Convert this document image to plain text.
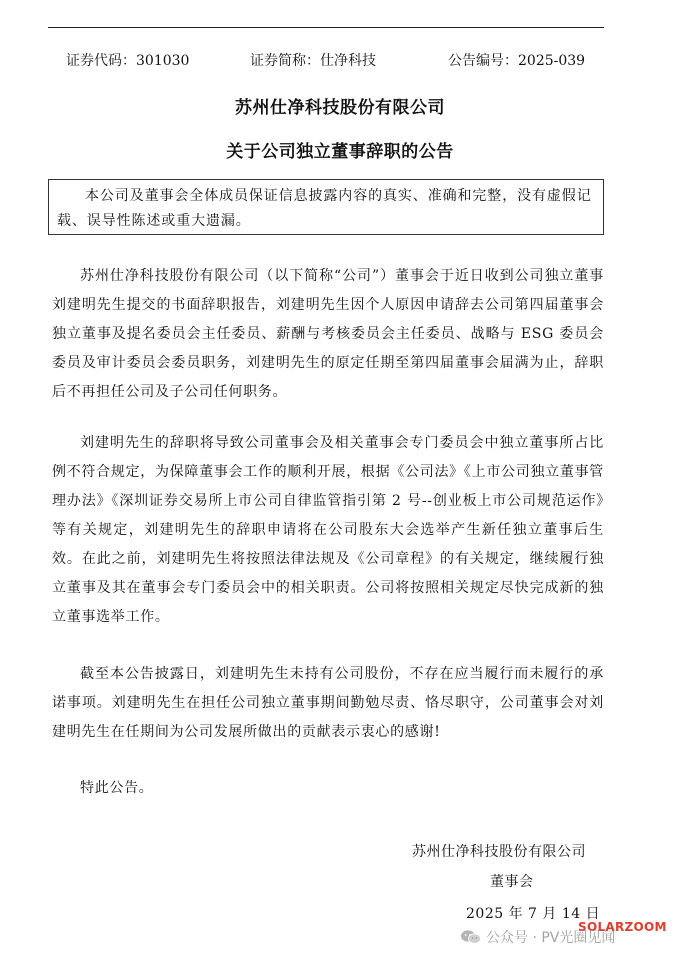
证券代码：301030	证券简称：仕净科技	公告编号：2025-039
苏州仕净科技股份有限公司
关于公司独立董事辞职的公告
本公司及董事会全体成员保证信息披露内容的真实、准确和完整，没有虚假记载、误导性陈述或重大遗漏。

苏州仕净科技股份有限公司（以下简称“公司”）董事会于近日收到公司独立董事刘建明先生提交的书面辞职报告，刘建明先生因个人原因申请辞去公司第四届董事会独立董事及提名委员会主任委员、薪酬与考核委员会主任委员、战略与 ESG 委员会委员及审计委员会委员职务，刘建明先生的原定任期至第四届董事会届满为止，辞职后不再担任公司及子公司任何职务。

刘建明先生的辞职将导致公司董事会及相关董事会专门委员会中独立董事所占比例不符合规定，为保障董事会工作的顺利开展，根据《公司法》《上市公司独立董事管理办法》《深圳证券交易所上市公司自律监管指引第 2 号--创业板上市公司规范运作》等有关规定，刘建明先生的辞职申请将在公司股东大会选举产生新任独立董事后生效。在此之前，刘建明先生将按照法律法规及《公司章程》的有关规定，继续履行独立董事及其在董事会专门委员会中的相关职责。公司将按照相关规定尽快完成新的独立董事选举工作。

截至本公告披露日，刘建明先生未持有公司股份，不存在应当履行而未履行的承诺事项。刘建明先生在担任公司独立董事期间勤勉尽责、恪尽职守，公司董事会对刘建明先生在任期间为公司发展所做出的贡献表示衷心的感谢!

特此公告。

苏州仕净科技股份有限公司
董事会
2025 年 7 月 14 日
SOLARZOOM
公众号 · PV光圈见闻
